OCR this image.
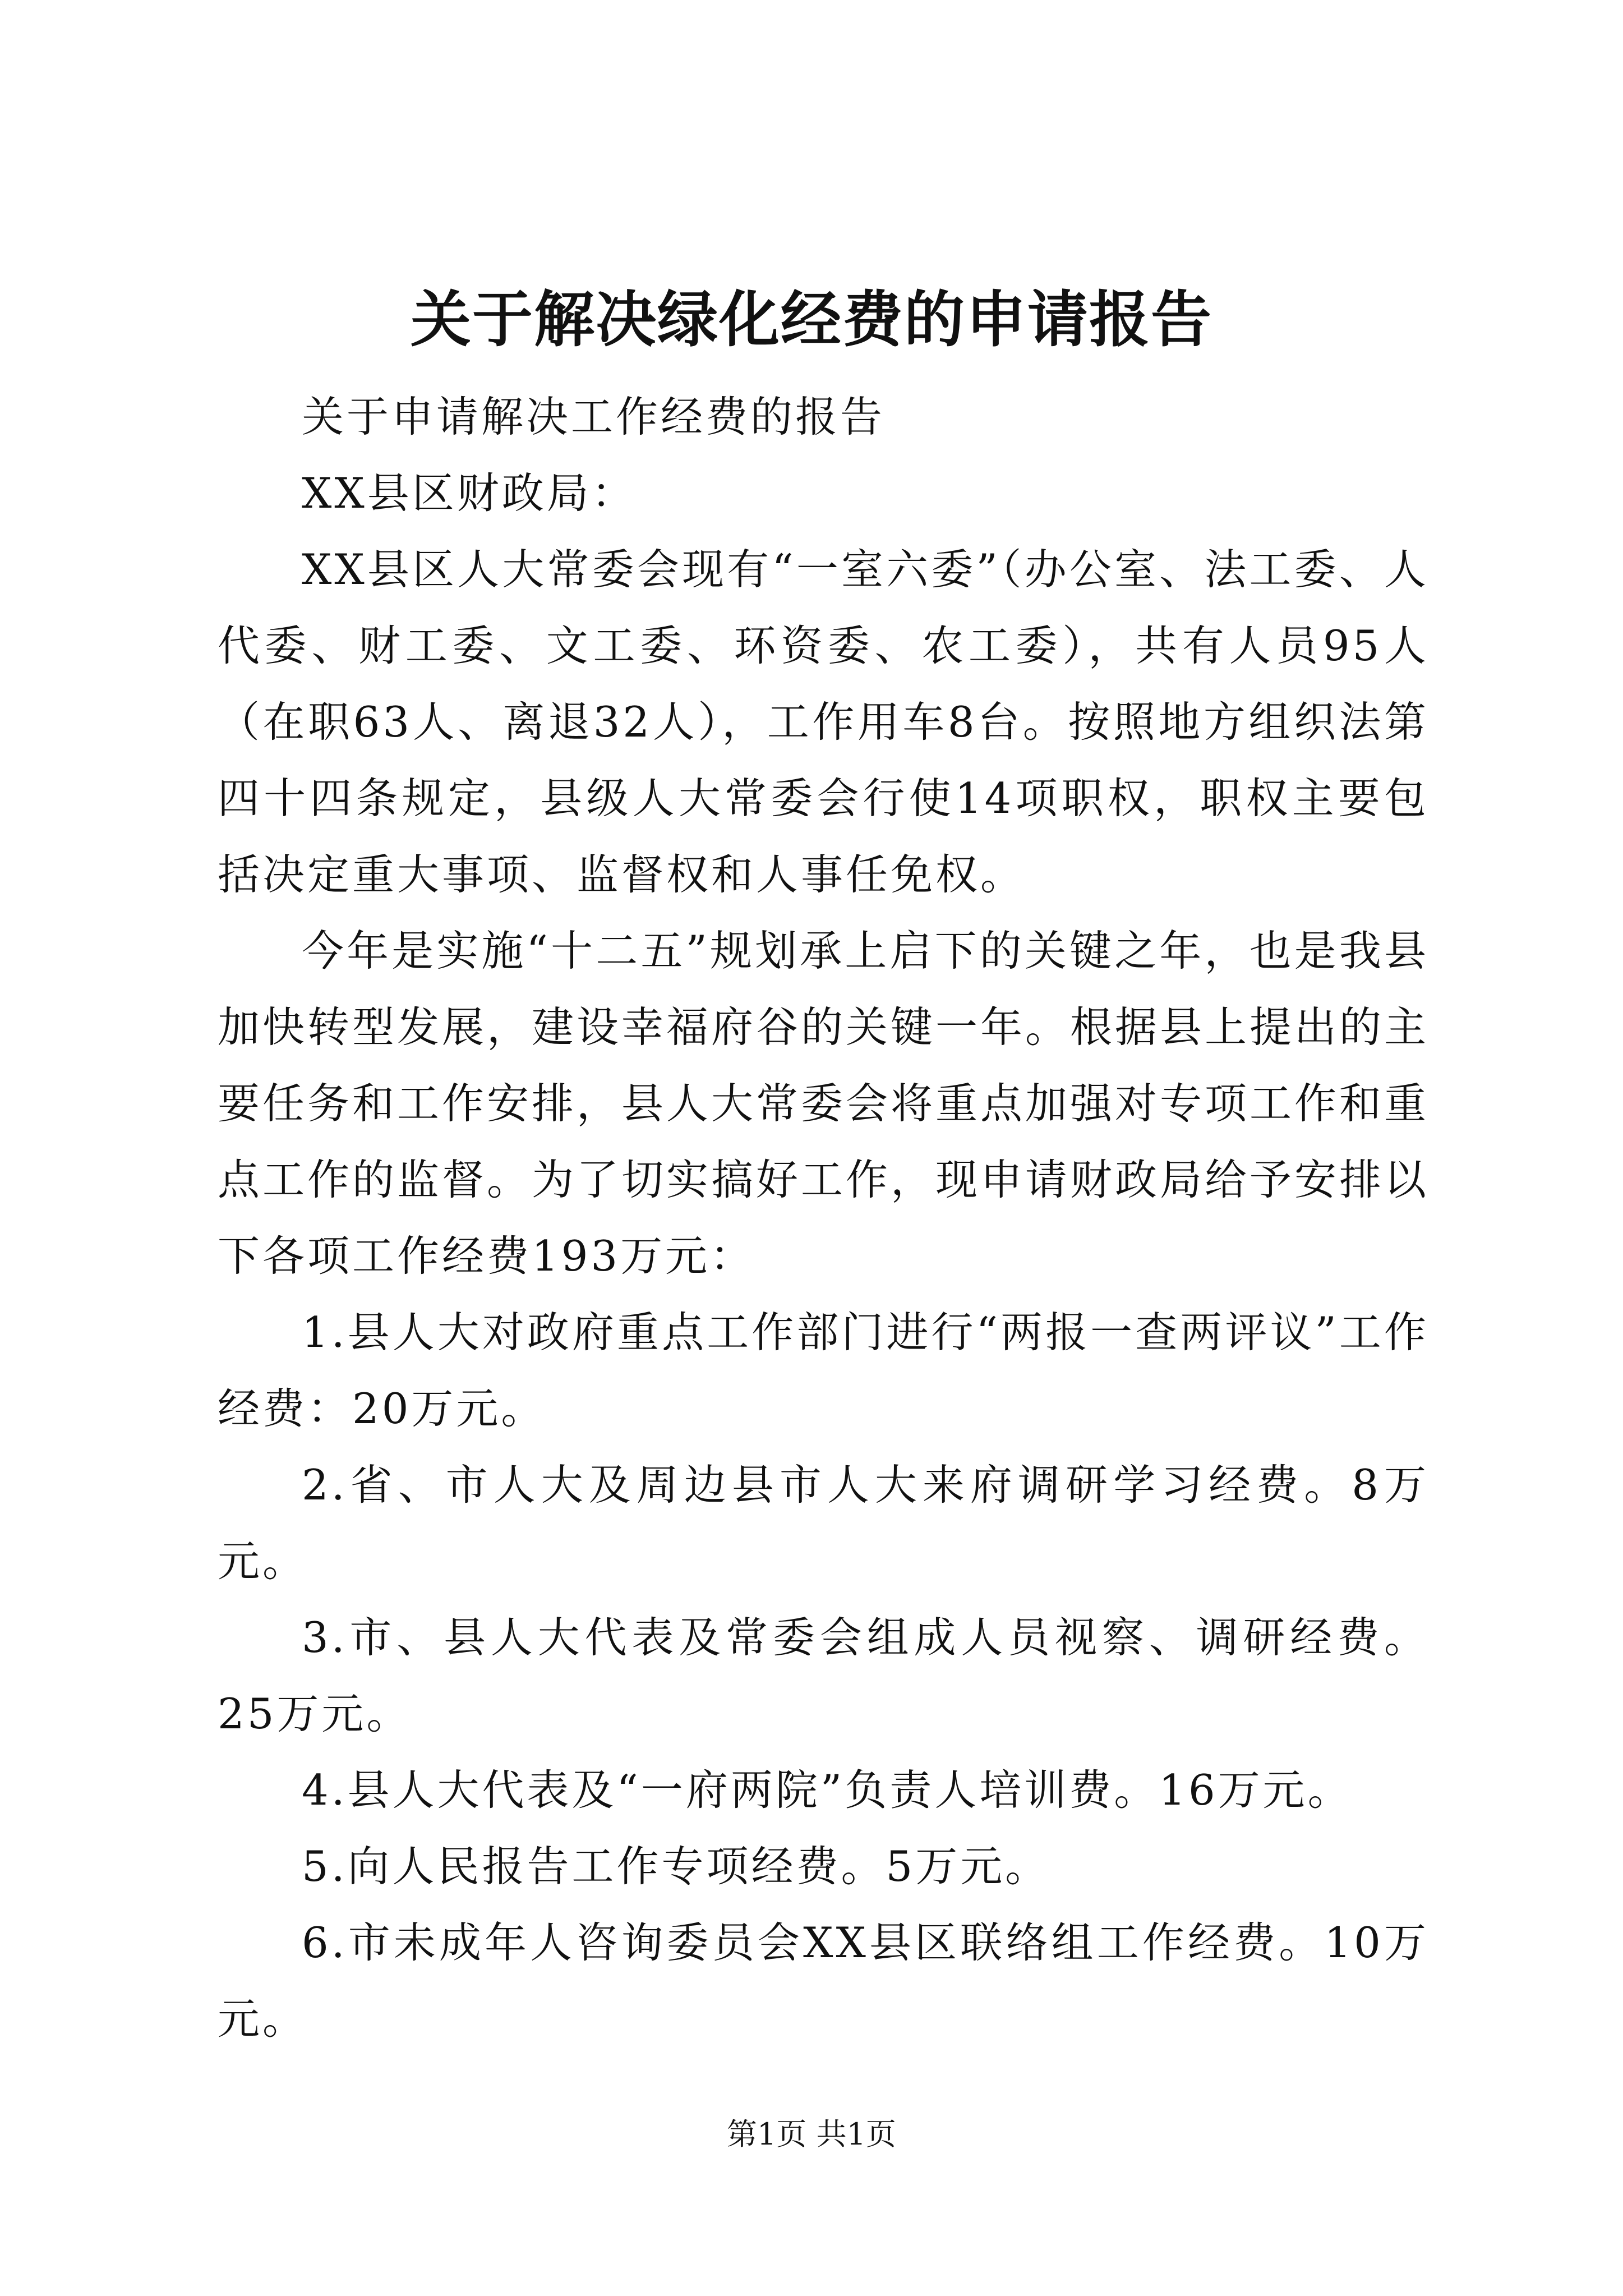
关于解决绿化经费的申请报告

关于申请解决工作经费的报告

XX县区财政局：

XX县区人大常委会现有“一室六委”（办公室、法工委、人代委、财工委、文工委、环资委、农工委），共有人员95人（在职63人、离退32人），工作用车8台。按照地方组织法第四十四条规定，县级人大常委会行使14项职权，职权主要包括决定重大事项、监督权和人事任免权。

今年是实施“十二五”规划承上启下的关键之年，也是我县加快转型发展，建设幸福府谷的关键一年。根据县上提出的主要任务和工作安排，县人大常委会将重点加强对专项工作和重点工作的监督。为了切实搞好工作，现申请财政局给予安排以下各项工作经费193万元：

1.县人大对政府重点工作部门进行“两报一查两评议”工作经费：20万元。

2.省、市人大及周边县市人大来府调研学习经费。8万元。

3.市、县人大代表及常委会组成人员视察、调研经费。25万元。

4.县人大代表及“一府两院”负责人培训费。16万元。

5.向人民报告工作专项经费。5万元。

6.市未成年人咨询委员会XX县区联络组工作经费。10万元。

第1页 共1页
